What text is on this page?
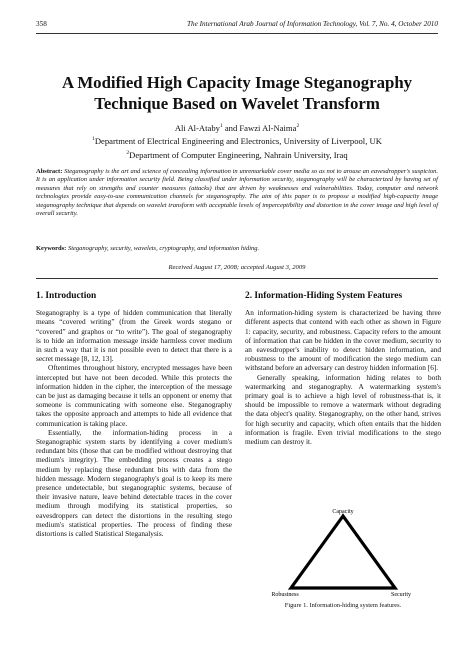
358	The International Arab Journal of Information Technology, Vol. 7, No. 4, October 2010
A Modified High Capacity Image Steganography
Technique Based on Wavelet Transform
Ali Al-Ataby$^1$ and Fawzi Al-Naima$^2$
$^1$Department of Electrical Engineering and Electronics, University of Liverpool, UK
$^2$Department of Computer Engineering, Nahrain University, Iraq
Abstract: Steganography is the art and science of concealing information in unremarkable cover media so as not to arouse an eavesdropper's suspicion. It is an application under information security field. Being classified under information security, steganography will be characterized by having set of measures that rely on strengths and counter measures (attacks) that are driven by weaknesses and vulnerabilities. Today, computer and network technologies provide easy-to-use communication channels for steganography. The aim of this paper is to propose a modified high-capacity image steganography technique that depends on wavelet transform with acceptable levels of imperceptibility and distortion in the cover image and high level of overall security.
Keywords: Steganography, security, wavelets, cryptography, and information hiding.
Received August 17, 2008; accepted August 3, 2009
1. Introduction

Steganography is a type of hidden communication that literally means “covered writing” (from the Greek words stegano or “covered” and graphos or “to write”). The goal of steganography is to hide an information message inside harmless cover medium in such a way that it is not possible even to detect that there is a secret message [8, 12, 13].

Oftentimes throughout history, encrypted messages have been intercepted but have not been decoded. While this protects the information hidden in the cipher, the interception of the message can be just as damaging because it tells an opponent or enemy that someone is communicating with someone else. Steganography takes the opposite approach and attempts to hide all evidence that communication is taking place.

Essentially, the information-hiding process in a Steganographic system starts by identifying a cover medium's redundant bits (those that can be modified without destroying that medium's integrity). The embedding process creates a stego medium by replacing these redundant bits with data from the hidden message. Modern steganography's goal is to keep its mere presence undetectable, but steganographic systems, because of their invasive nature, leave behind detectable traces in the cover medium through modifying its statistical properties, so eavesdroppers can detect the distortions in the resulting stego medium's statistical properties. The process of finding these distortions is called Statistical Steganalysis.

2. Information-Hiding System Features

An information-hiding system is characterized be having three different aspects that contend with each other as shown in Figure 1: capacity, security, and robustness. Capacity refers to the amount of information that can be hidden in the cover medium, security to an eavesdropper's inability to detect hidden information, and robustness to the amount of modification the stego medium can withstand before an adversary can destroy hidden information [6].

Generally speaking, information hiding relates to both watermarking and steganography. A watermarking system's primary goal is to achieve a high level of robustness-that is, it should be impossible to remove a watermark without degrading the data object's quality. Steganography, on the other hand, strives for high security and capacity, which often entails that the hidden information is fragile. Even trivial modifications to the stego medium can destroy it.

Capacity
Robustness	Security
Figure 1. Information-hiding system features.
